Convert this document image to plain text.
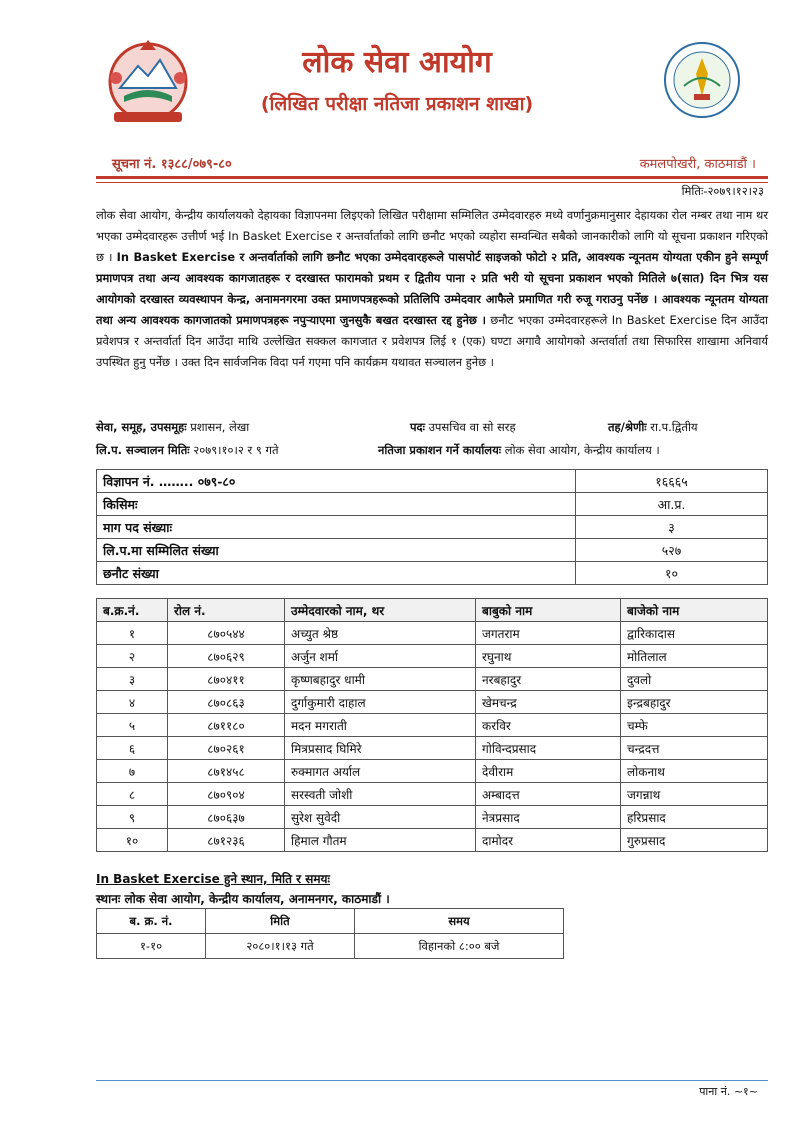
लोक सेवा आयोग
(लिखित परीक्षा नतिजा प्रकाशन शाखा)
सूचना नं. १३८८/०७९-८०	कमलपोखरी, काठमाडौं ।
मितिः-२०७९।१२।२३
लोक सेवा आयोग, केन्द्रीय कार्यालयको देहायका विज्ञापनमा लिइएको लिखित परीक्षामा सम्मिलित उम्मेदवारहरु मध्ये वर्णानुक्रमानुसार देहायका रोल नम्बर तथा नाम थर भएका उम्मेदवारहरू उत्तीर्ण भई In Basket Exercise र अन्तर्वार्ताको लागि छनौट भएको व्यहोरा सम्वन्धित सबैको जानकारीको लागि यो सूचना प्रकाशन गरिएको छ । In Basket Exercise र अन्तर्वार्ताको लागि छनौट भएका उम्मेदवारहरूले पासपोर्ट साइजको फोटो २ प्रति, आवश्यक न्यूनतम योग्यता एकीन हुने सम्पूर्ण प्रमाणपत्र तथा अन्य आवश्यक कागजातहरू र दरखास्त फारामको प्रथम र द्वितीय पाना २ प्रति भरी यो सूचना प्रकाशन भएको मितिले ७(सात) दिन भित्र यस आयोगको दरखास्त व्यवस्थापन केन्द्र, अनामनगरमा उक्त प्रमाणपत्रहरूको प्रतिलिपि उम्मेदवार आफैले प्रमाणित गरी रुजू गराउनु पर्नेछ । आवश्यक न्यूनतम योग्यता तथा अन्य आवश्यक कागजातको प्रमाणपत्रहरू नपुऱ्याएमा जुनसुकै बखत दरखास्त रद्द हुनेछ । छनौट भएका उम्मेदवारहरूले In Basket Exercise दिन आउँदा प्रवेशपत्र र अन्तर्वार्ता दिन आउँदा माथि उल्लेखित सक्कल कागजात र प्रवेशपत्र लिई १ (एक) घण्टा अगावै आयोगको अन्तर्वार्ता तथा सिफारिस शाखामा अनिवार्य उपस्थित हुनु पर्नेछ । उक्त दिन सार्वजनिक विदा पर्न गएमा पनि कार्यक्रम यथावत सञ्चालन हुनेछ ।
सेवा, समूह, उपसमूहः प्रशासन, लेखा	पदः उपसचिव वा सो सरह	तह/श्रेणीः रा.प.द्वितीय
लि.प. सञ्चालन मितिः २०७९।१०।२ र ९ गते	नतिजा प्रकाशन गर्ने कार्यालयः लोक सेवा आयोग, केन्द्रीय कार्यालय ।
विज्ञापन नं. …….. ०७९-८०	१६६६५
किसिमः	आ.प्र.
माग पद संख्याः	३
लि.प.मा सम्मिलित संख्या	५२७
छनौट संख्या	१०
ब.क्र.नं.	रोल नं.	उम्मेदवारको नाम, थर	बाबुको नाम	बाजेको नाम
१	८७०५४४	अच्युत श्रेष्ठ	जगतराम	द्वारिकादास
२	८७०६२९	अर्जुन शर्मा	रघुनाथ	मोतिलाल
३	८७०४११	कृष्णबहादुर धामी	नरबहादुर	दुवलो
४	८७०८६३	दुर्गाकुमारी दाहाल	खेमचन्द्र	इन्द्रबहादुर
५	८७११८०	मदन मगराती	करविर	चम्फे
६	८७०२६१	मित्रप्रसाद घिमिरे	गोविन्दप्रसाद	चन्द्रदत्त
७	८७१४५८	रुक्मागत अर्याल	देवीराम	लोकनाथ
८	८७०९०४	सरस्वती जोशी	अम्बादत्त	जगन्नाथ
९	८७०६३७	सुरेश सुवेदी	नेत्रप्रसाद	हरिप्रसाद
१०	८७१२३६	हिमाल गौतम	दामोदर	गुरुप्रसाद
In Basket Exercise हुने स्थान, मिति र समयः
स्थानः लोक सेवा आयोग, केन्द्रीय कार्यालय, अनामनगर, काठमाडौं ।
ब. क्र. नं.	मिति	समय
१-१०	२०८०।१।१३ गते	विहानको ८:०० बजे
पाना नं. ~१~
